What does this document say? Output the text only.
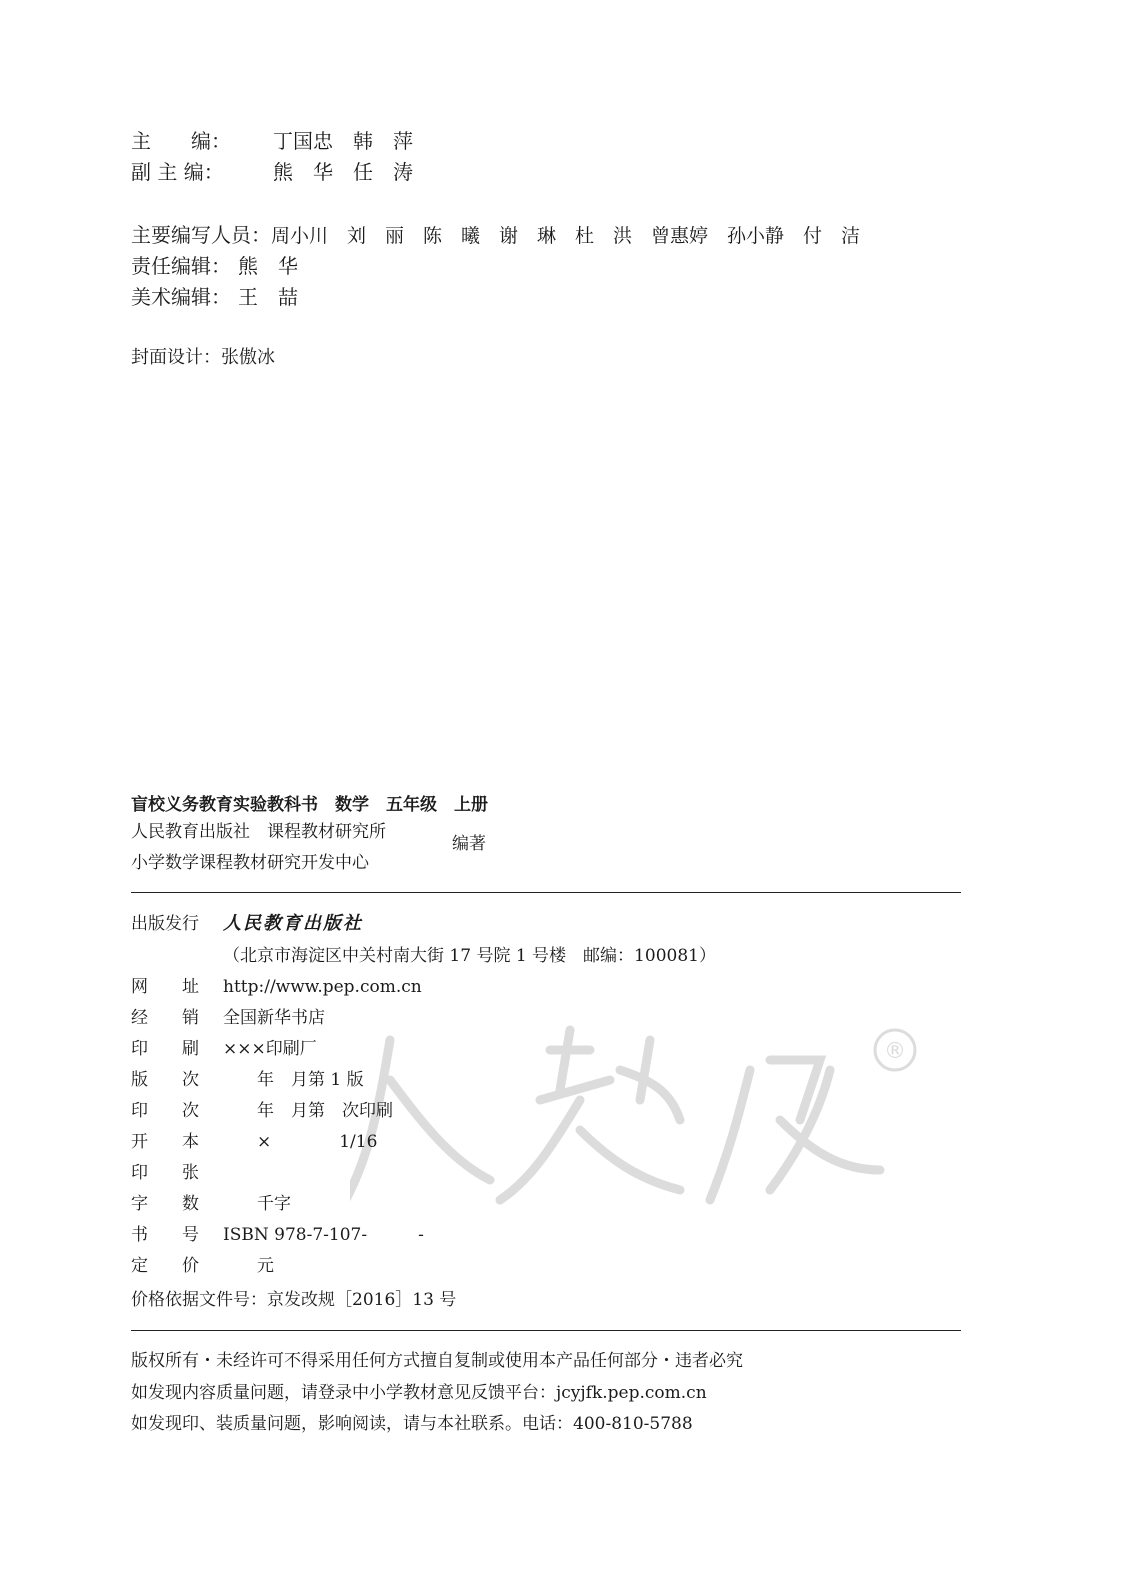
主　　编： 丁国忠　韩　萍
副 主 编： 熊　华　任　涛
主要编写人员：周小川　刘　丽　陈　曦　谢　琳　杜　洪　曾惠婷　孙小静　付　洁
责任编辑： 熊　华
美术编辑： 王　喆
封面设计：张傲冰
盲校义务教育实验教科书　数学　五年级　上册
人民教育出版社　课程教材研究所
小学数学课程教材研究开发中心
编著
®
出版发行 人民教育出版社
（北京市海淀区中关村南大街 17 号院 1 号楼　邮编：100081）
网　　址 http://www.pep.com.cn
经　　销 全国新华书店
印　　刷 ×××印刷厂
版　　次　　年　月第 1 版
印　　次　　年　月第　次印刷
开　　本　　×　　　　1/16
印　　张
字　　数　　千字
书　　号 ISBN 978-7-107-　　　-
定　　价　　元
价格依据文件号：京发改规［2016］13 号
版权所有・未经许可不得采用任何方式擅自复制或使用本产品任何部分・违者必究
如发现内容质量问题，请登录中小学教材意见反馈平台：jcyjfk.pep.com.cn
如发现印、装质量问题，影响阅读，请与本社联系。电话：400-810-5788
